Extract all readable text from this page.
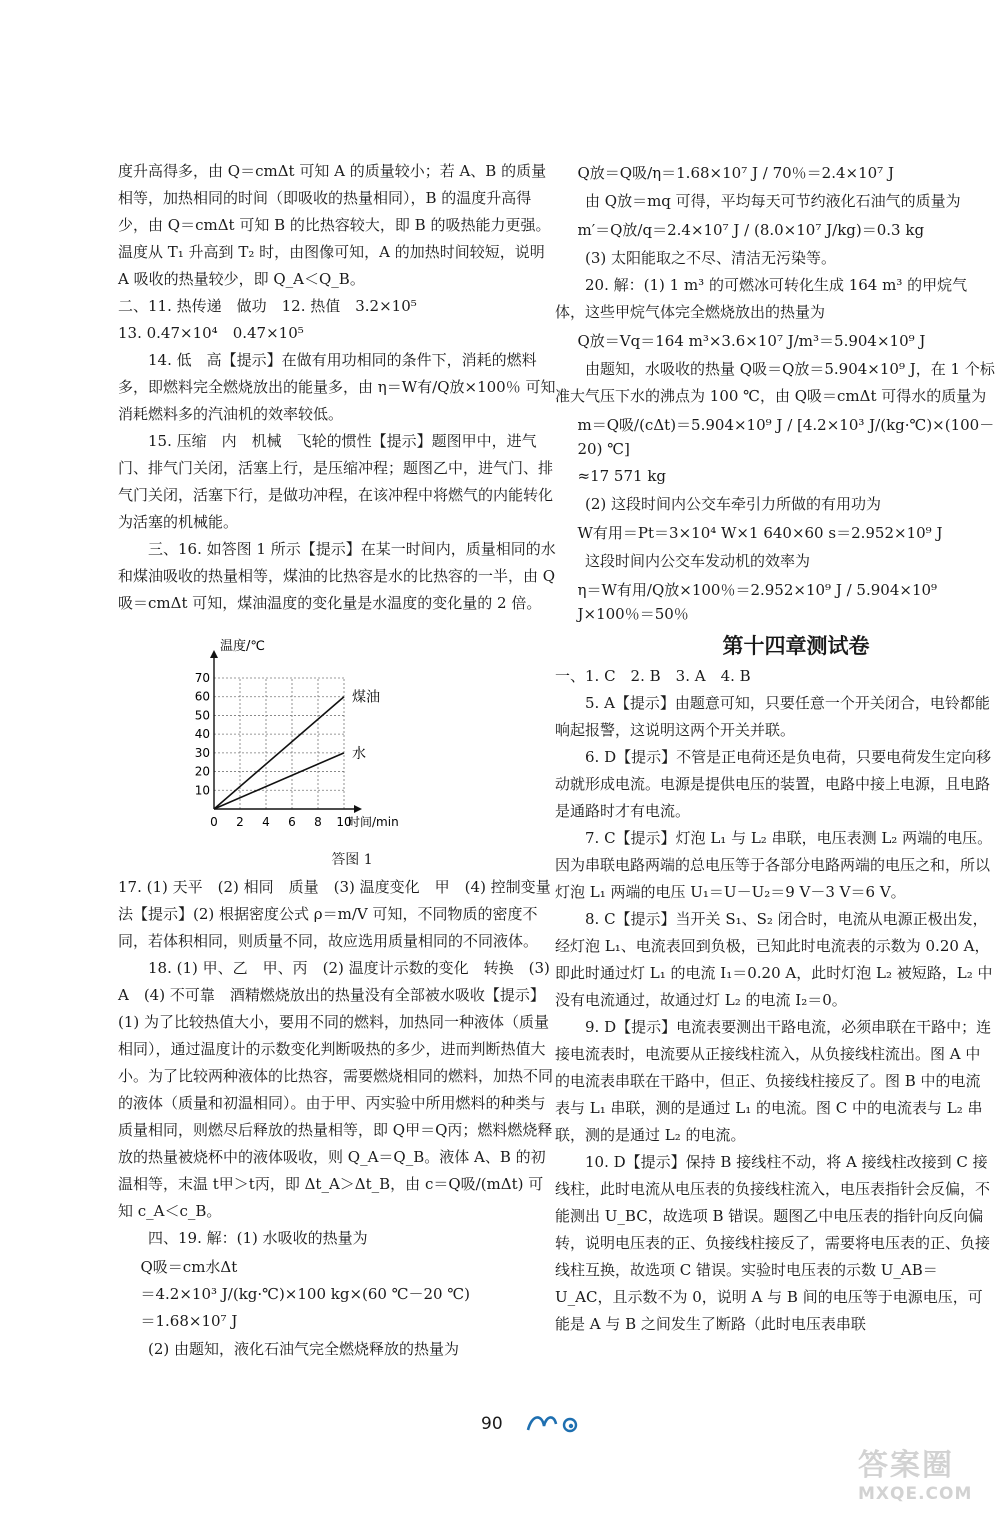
度升高得多，由 Q＝cmΔt 可知 A 的质量较小；若 A、B 的质量相等，加热相同的时间（即吸收的热量相同），B 的温度升高得少，由 Q＝cmΔt 可知 B 的比热容较大，即 B 的吸热能力更强。温度从 T₁ 升高到 T₂ 时，由图像可知，A 的加热时间较短，说明 A 吸收的热量较少，即 Q_A＜Q_B。

二、11. 热传递　做功　12. 热值　3.2×10⁵

13. 0.47×10⁴　0.47×10⁵

14. 低　高【提示】在做有用功相同的条件下，消耗的燃料多，即燃料完全燃烧放出的能量多，由 η＝W有/Q放×100％ 可知消耗燃料多的汽油机的效率较低。

15. 压缩　内　机械　飞轮的惯性【提示】题图甲中，进气门、排气门关闭，活塞上行，是压缩冲程；题图乙中，进气门、排气门关闭，活塞下行，是做功冲程，在该冲程中将燃气的内能转化为活塞的机械能。

三、16. 如答图 1 所示【提示】在某一时间内，质量相同的水和煤油吸收的热量相等，煤油的比热容是水的比热容的一半，由 Q吸＝cmΔt 可知，煤油温度的变化量是水温度的变化量的 2 倍。

10
20
30
40
50
60
70
0 2 4 6 8 10
温度/℃
时间/min
煤油
水

答图 1

17. (1) 天平　(2) 相同　质量　(3) 温度变化　甲　(4) 控制变量法【提示】(2) 根据密度公式 ρ＝m/V 可知，不同物质的密度不同，若体积相同，则质量不同，故应选用质量相同的不同液体。

18. (1) 甲、乙　甲、丙　(2) 温度计示数的变化　转换　(3) A　(4) 不可靠　酒精燃烧放出的热量没有全部被水吸收【提示】(1) 为了比较热值大小，要用不同的燃料，加热同一种液体（质量相同），通过温度计的示数变化判断吸热的多少，进而判断热值大小。为了比较两种液体的比热容，需要燃烧相同的燃料，加热不同的液体（质量和初温相同）。由于甲、丙实验中所用燃料的种类与质量相同，则燃尽后释放的热量相等，即 Q甲＝Q丙；燃料燃烧释放的热量被烧杯中的液体吸收，则 Q_A＝Q_B。液体 A、B 的初温相等，末温 t甲＞t丙，即 Δt_A＞Δt_B，由 c＝Q吸/(mΔt) 可知 c_A＜c_B。

四、19. 解：(1) 水吸收的热量为

Q吸＝cm水Δt

＝4.2×10³ J/(kg·℃)×100 kg×(60 ℃－20 ℃)

＝1.68×10⁷ J

(2) 由题知，液化石油气完全燃烧释放的热量为

Q放＝Q吸/η＝1.68×10⁷ J / 70％＝2.4×10⁷ J

由 Q放＝mq 可得，平均每天可节约液化石油气的质量为

m′＝Q放/q＝2.4×10⁷ J / (8.0×10⁷ J/kg)＝0.3 kg

(3) 太阳能取之不尽、清洁无污染等。

20. 解：(1) 1 m³ 的可燃冰可转化生成 164 m³ 的甲烷气体，这些甲烷气体完全燃烧放出的热量为

Q放＝Vq＝164 m³×3.6×10⁷ J/m³＝5.904×10⁹ J

由题知，水吸收的热量 Q吸＝Q放＝5.904×10⁹ J，在 1 个标准大气压下水的沸点为 100 ℃，由 Q吸＝cmΔt 可得水的质量为

m＝Q吸/(cΔt)＝5.904×10⁹ J / [4.2×10³ J/(kg·℃)×(100－20) ℃]

≈17 571 kg

(2) 这段时间内公交车牵引力所做的有用功为

W有用＝Pt＝3×10⁴ W×1 640×60 s＝2.952×10⁹ J

这段时间内公交车发动机的效率为

η＝W有用/Q放×100％＝2.952×10⁹ J / 5.904×10⁹ J×100％＝50％

第十四章测试卷

一、1. C　2. B　3. A　4. B

5. A【提示】由题意可知，只要任意一个开关闭合，电铃都能响起报警，这说明这两个开关并联。

6. D【提示】不管是正电荷还是负电荷，只要电荷发生定向移动就形成电流。电源是提供电压的装置，电路中接上电源，且电路是通路时才有电流。

7. C【提示】灯泡 L₁ 与 L₂ 串联，电压表测 L₂ 两端的电压。因为串联电路两端的总电压等于各部分电路两端的电压之和，所以灯泡 L₁ 两端的电压 U₁＝U－U₂＝9 V－3 V＝6 V。

8. C【提示】当开关 S₁、S₂ 闭合时，电流从电源正极出发，经灯泡 L₁、电流表回到负极，已知此时电流表的示数为 0.20 A，即此时通过灯 L₁ 的电流 I₁＝0.20 A，此时灯泡 L₂ 被短路，L₂ 中没有电流通过，故通过灯 L₂ 的电流 I₂＝0。

9. D【提示】电流表要测出干路电流，必须串联在干路中；连接电流表时，电流要从正接线柱流入，从负接线柱流出。图 A 中的电流表串联在干路中，但正、负接线柱接反了。图 B 中的电流表与 L₁ 串联，测的是通过 L₁ 的电流。图 C 中的电流表与 L₂ 串联，测的是通过 L₂ 的电流。

10. D【提示】保持 B 接线柱不动，将 A 接线柱改接到 C 接线柱，此时电流从电压表的负接线柱流入，电压表指针会反偏，不能测出 U_BC，故选项 B 错误。题图乙中电压表的指针向反向偏转，说明电压表的正、负接线柱接反了，需要将电压表的正、负接线柱互换，故选项 C 错误。实验时电压表的示数 U_AB＝U_AC，且示数不为 0，说明 A 与 B 间的电压等于电源电压，可能是 A 与 B 之间发生了断路（此时电压表串联

90
答案圈
MXQE.COM
